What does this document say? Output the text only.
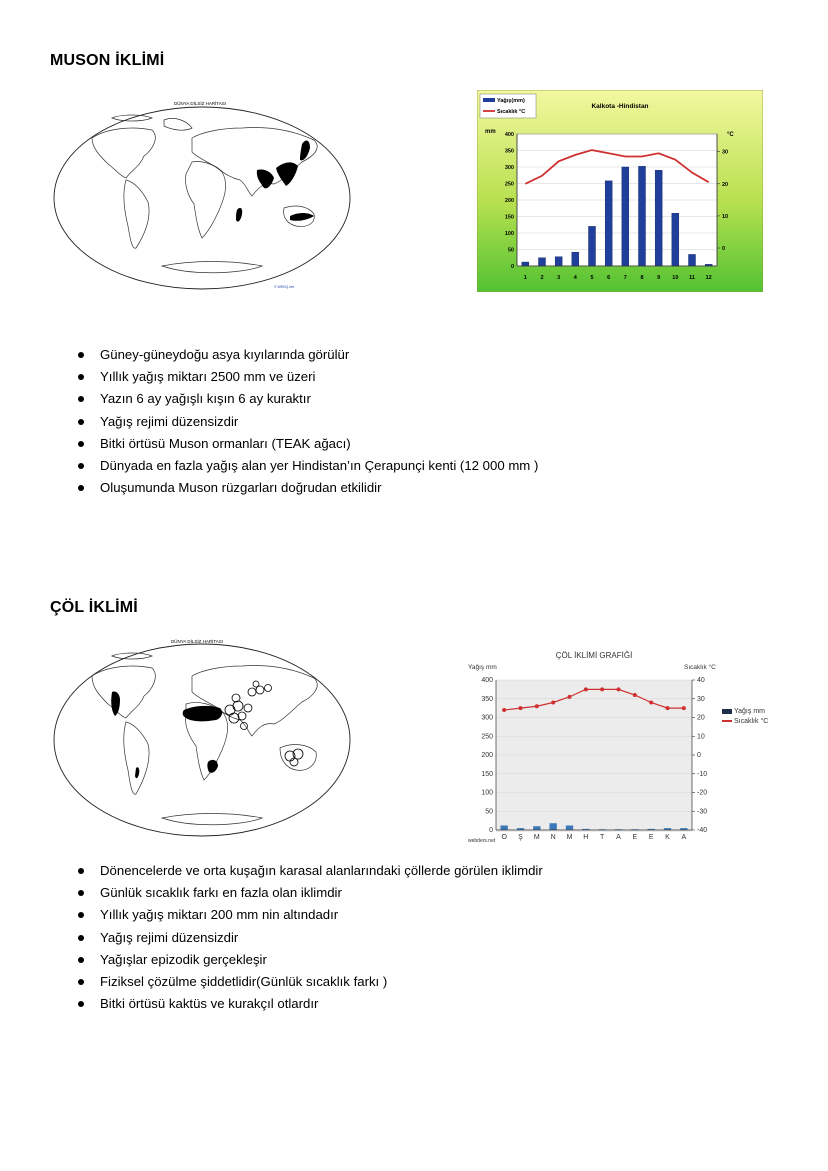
MUSON İKLİMİ
DÜNYA DİLSİZ HARİTASI
© WEKQ.net
0
50
100
150
200
250
300
350
400
0
10
20
30
1 2 3 4 5 6 7 8 9 10 11 12
Yağış(mm)
Sıcaklık °C
Kalkota -Hindistan
mm	°C
Güney-güneydoğu asya kıyılarında görülür
Yıllık yağış miktarı 2500 mm ve üzeri
Yazın 6 ay yağışlı kışın 6 ay kuraktır
Yağış rejimi düzensizdir
Bitki örtüsü Muson ormanları (TEAK ağacı)
Dünyada en fazla yağış alan yer Hindistan’ın Çerapunçi kenti (12 000 mm )
Oluşumunda Muson rüzgarları doğrudan etkilidir
ÇÖL İKLİMİ
DÜNYA DİLSİZ HARİTASI
0
50
100
150
200
250
300
350
400
-40
-30
-20
-10
0
10
20
30
40
O Ş M N M H T A E E K A
ÇÖL İKLİMİ GRAFİĞİ
Yağış mm	Sıcaklık °C
webders.net
Yağış mm
Sıcaklık °C
Dönencelerde ve orta kuşağın karasal alanlarındaki çöllerde görülen iklimdir
Günlük sıcaklık farkı en fazla olan iklimdir
Yıllık yağış miktarı 200 mm nin altındadır
Yağış rejimi düzensizdir
Yağışlar epizodik gerçekleşir
Fiziksel çözülme şiddetlidir(Günlük sıcaklık farkı )
Bitki örtüsü kaktüs ve kurakçıl otlardır
